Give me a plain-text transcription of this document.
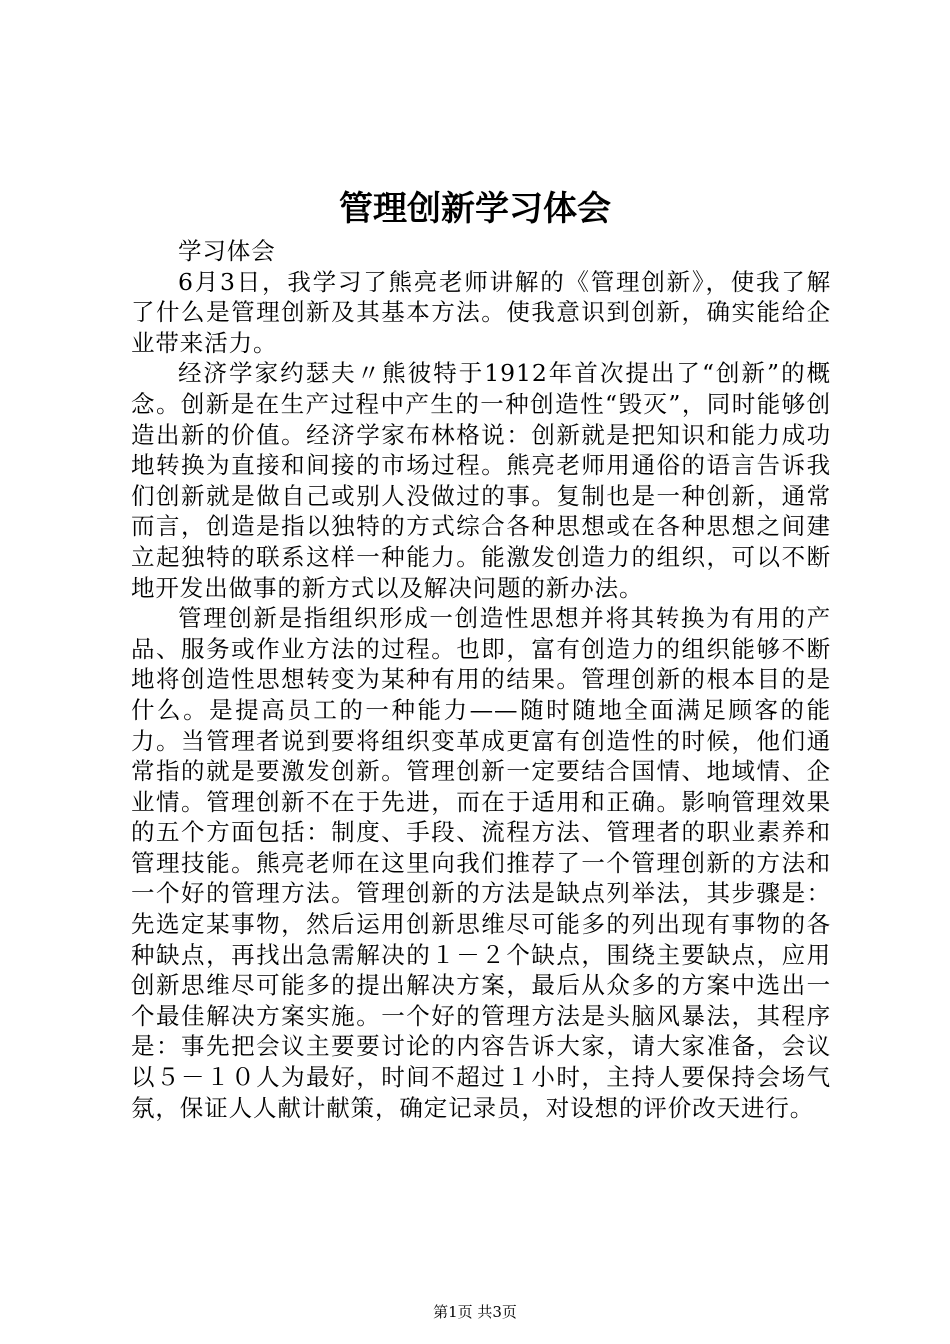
管理创新学习体会

学习体会

6月3日，我学习了熊亮老师讲解的《管理创新》，使我了解了什么是管理创新及其基本方法。使我意识到创新，确实能给企业带来活力。

经济学家约瑟夫〃熊彼特于1912年首次提出了“创新”的概念。创新是在生产过程中产生的一种创造性“毁灭”，同时能够创造出新的价值。经济学家布林格说：创新就是把知识和能力成功地转换为直接和间接的市场过程。熊亮老师用通俗的语言告诉我们创新就是做自己或别人没做过的事。复制也是一种创新，通常而言，创造是指以独特的方式综合各种思想或在各种思想之间建立起独特的联系这样一种能力。能激发创造力的组织，可以不断地开发出做事的新方式以及解决问题的新办法。

管理创新是指组织形成一创造性思想并将其转换为有用的产品、服务或作业方法的过程。也即，富有创造力的组织能够不断地将创造性思想转变为某种有用的结果。管理创新的根本目的是什么。是提高员工的一种能力——随时随地全面满足顾客的能力。当管理者说到要将组织变革成更富有创造性的时候，他们通常指的就是要激发创新。管理创新一定要结合国情、地域情、企业情。管理创新不在于先进，而在于适用和正确。影响管理效果的五个方面包括：制度、手段、流程方法、管理者的职业素养和管理技能。熊亮老师在这里向我们推荐了一个管理创新的方法和一个好的管理方法。管理创新的方法是缺点列举法，其步骤是：先选定某事物，然后运用创新思维尽可能多的列出现有事物的各种缺点，再找出急需解决的１－２个缺点，围绕主要缺点，应用创新思维尽可能多的提出解决方案，最后从众多的方案中选出一个最佳解决方案实施。一个好的管理方法是头脑风暴法，其程序是：事先把会议主要要讨论的内容告诉大家，请大家准备，会议以５－１０人为最好，时间不超过１小时，主持人要保持会场气氛，保证人人献计献策，确定记录员，对设想的评价改天进行。

第1页 共3页
